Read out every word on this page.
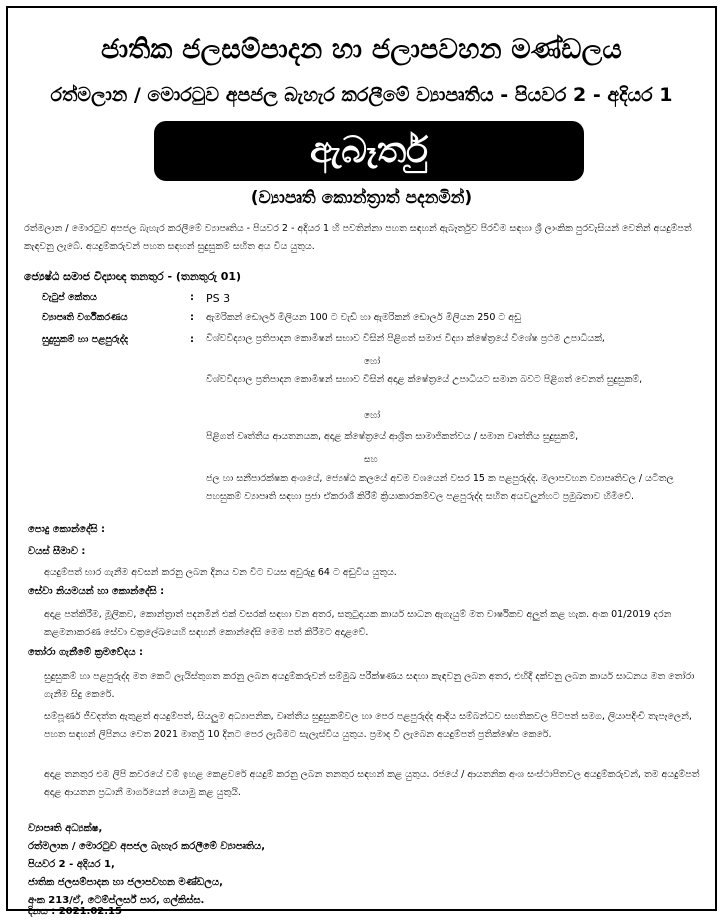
ජාතික ජලසම්පාදන හා ජලාපවහන මණ්ඩලය
රත්මලාන / මොරටුව අපජල බැහැර කරලීමේ ව්‍යාපෘතිය - පියවර 2 - අදියර 1
ඇබෑර්තු
(ව්‍යාපෘති කොන්ත්‍රාත් පදනමින්)
රත්මලාන / මොරටුව අපජල බැහැර කරලීමේ ව්‍යාපෘතිය - පියවර 2 - අදියර 1 හි පවතින්නා පහත සඳහන් ඇබෑර්තුව පිරවීම සඳහා ශ්‍රී ලාංකික පුරවැසියන් වෙතින් අයදුම්පත් කැඳවනු ලැබේ. අයදුම්කරුවන් පහත සඳහන් සුදුසුකම් සහිත අය විය යුතුය.
ජ්‍යෙෂ්ඨ සමාජ විද්‍යාඥ තනතුර - (තනතුරු 01)
වැටුප් කේතය	: PS 3
ව්‍යාපෘති වර්ගීකරණය	: ඇමරිකන් ඩොලර් මිලියන 100 ට වැඩි හා ඇමරිකන් ඩොලර් මිලියන 250 ට අඩු
සුදුසුකම් හා පළපුරුද්ද	: විශ්වවිද්‍යාල ප්‍රතිපාදන කොමිෂන් සභාව විසින් පිළිගත් සමාජ විද්‍යා ක්ෂේත්‍රයේ විශේෂ ප්‍රථම උපාධියක්,
හෝ
විශ්වවිද්‍යාල ප්‍රතිපාදන කොමිෂන් සභාව විසින් අදාළ ක්ෂේත්‍රයේ උපාධියට සමාන බවට පිළිගත් වෙනත් සුදුසුකම්,
හෝ
පිළිගත් වෘත්තීය ආයතනයක, අදාළ ක්ෂේත්‍රයේ ආශ්‍රිත සාමාජිකත්වය / සමාන වෘත්තීය සුදුසුකම්,
සහ
ජල හා සනීපාරක්ෂක අංශයේ, ජ්‍යෙෂ්ඨ කලයේ අවම වශයෙන් වසර 15 ක පළපුරුද්ද. මලාපවහන ව්‍යාපෘතිවල / යටිතල පහසුකම් ව්‍යාපෘති සඳහා ප්‍රජා ඒකරාශී කිරීම් ක්‍රියාකාරකම්වල පළපුරුද්ද සහිත අයවලුන්හට ප්‍රමුඛතාව හිමිවේ.
පොදු කොන්දේසි :
වයස් සීමාව :
අයදුම්පත් භාර ගැනීම අවසන් කරනු ලබන දිනය වන විට වයස අවුරුදු 64 ට අඩුවිය යුතුය.
සේවා නියමයන් හා කොන්දේසි :
අදාළ පත්කිරීම, මූලිකව, කොන්ත්‍රාත් පදනමින් එක් වසරක් සඳහා වන අතර, සතුටුදායක කාර්ය සාධන ඇගැයුම් මත වාර්ෂිකව අලුත් කළ හැක. අංක 01/2019 දරන කළමනාකරණ සේවා චක්‍රලේඛයෙහි සඳහන් කොන්දේසි මෙම පත් කිරීමට අදාළවේ.
තෝරා ගැනීමේ ක්‍රමවේදය :
සුදුසුකම් හා පළපුරුද්ද මත කෙටි ලැයිස්තුගත කරනු ලබන අයදුම්කරුවන් සම්මුඛ පරීක්ෂණය සඳහා කැඳවනු ලබන අතර, එහිදී දක්වනු ලබන කාර්ය සාධනය මත තෝරා ගැනීම සිදු කෙරේ.
සම්පූර්ණ ජීවදත්ත ඇතුළත් අයදුම්පත්, සියලුම අධ්‍යාපනික, වෘත්තීය සුදුසුකම්වල හා පෙර පළපුරුද්ද ආදිය සම්බන්ධව සහතිකවල පිටපත් සමග, ලියාපදිංචි තැපෑලෙන්, පහත සඳහන් ලිපිනය වෙත 2021 මාර්තු 10 දිනට පෙර ලැබීමට සැලැස්විය යුතුය. ප්‍රමාද වී ලැබෙන අයදුම්පත් ප්‍රතික්ෂේප කෙරේ.
අදාළ තනතුර එම ලිපි කවරයේ වම් ඉහළ කෙළවරේ අයදුම් කරනු ලබන තනතුර සඳහන් කළ යුතුය. රජයේ / ආයතනික අංශ සංස්ථාපිතවල අයදුම්කරුවන්, තම අයදුම්පත් අදාළ ආයතන ප්‍රධානී මාර්ගයෙන් යොමු කළ යුතුයි.
ව්‍යාපෘති අධ්‍යක්ෂ,
රත්මලාන / මොරටුව අපජල බැහැර කරලීමේ ව්‍යාපෘතිය,
පියවර 2 - අදියර 1,
ජාතික ජලසම්පාදන හා ජලාපවහන මණ්ඩලය,
අංක 213/ඒ, ටෙම්ප්ලර්ස් පාර, ගල්කිස්ස.
දිනය : 2021.02.15
